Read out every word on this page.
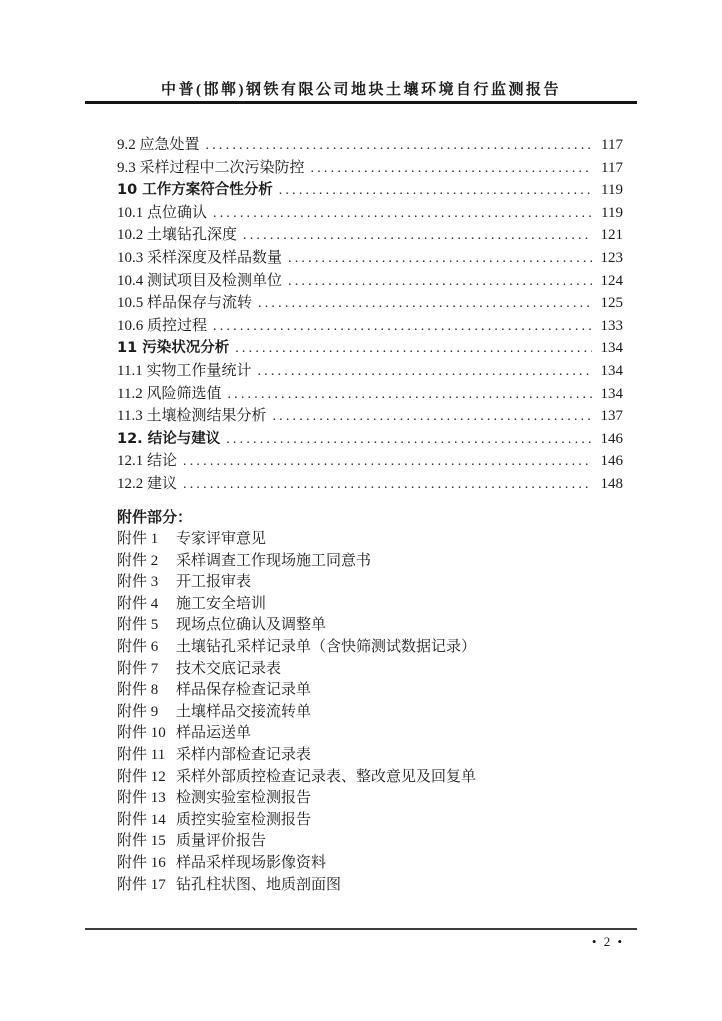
中普(邯郸)钢铁有限公司地块土壤环境自行监测报告
9.2 应急处置 .....	117
9.3 采样过程中二次污染防控 .....	117
10 工作方案符合性分析 .....	119
10.1 点位确认 .....	119
10.2 土壤钻孔深度 .....	121
10.3 采样深度及样品数量 .....	123
10.4 测试项目及检测单位 .....	124
10.5 样品保存与流转 .....	125
10.6 质控过程 .....	133
11 污染状况分析 .....	134
11.1 实物工作量统计 .....	134
11.2 风险筛选值 .....	134
11.3 土壤检测结果分析 .....	137
12. 结论与建议 .....	146
12.1 结论 .....	146
12.2 建议 .....	148
附件部分：
附件 1	专家评审意见
附件 2	采样调查工作现场施工同意书
附件 3	开工报审表
附件 4	施工安全培训
附件 5	现场点位确认及调整单
附件 6	土壤钻孔采样记录单（含快筛测试数据记录）
附件 7	技术交底记录表
附件 8	样品保存检查记录单
附件 9	土壤样品交接流转单
附件 10 样品运送单
附件 11 采样内部检查记录表
附件 12 采样外部质控检查记录表、整改意见及回复单
附件 13 检测实验室检测报告
附件 14 质控实验室检测报告
附件 15 质量评价报告
附件 16 样品采样现场影像资料
附件 17 钻孔柱状图、地质剖面图
• 2 •
